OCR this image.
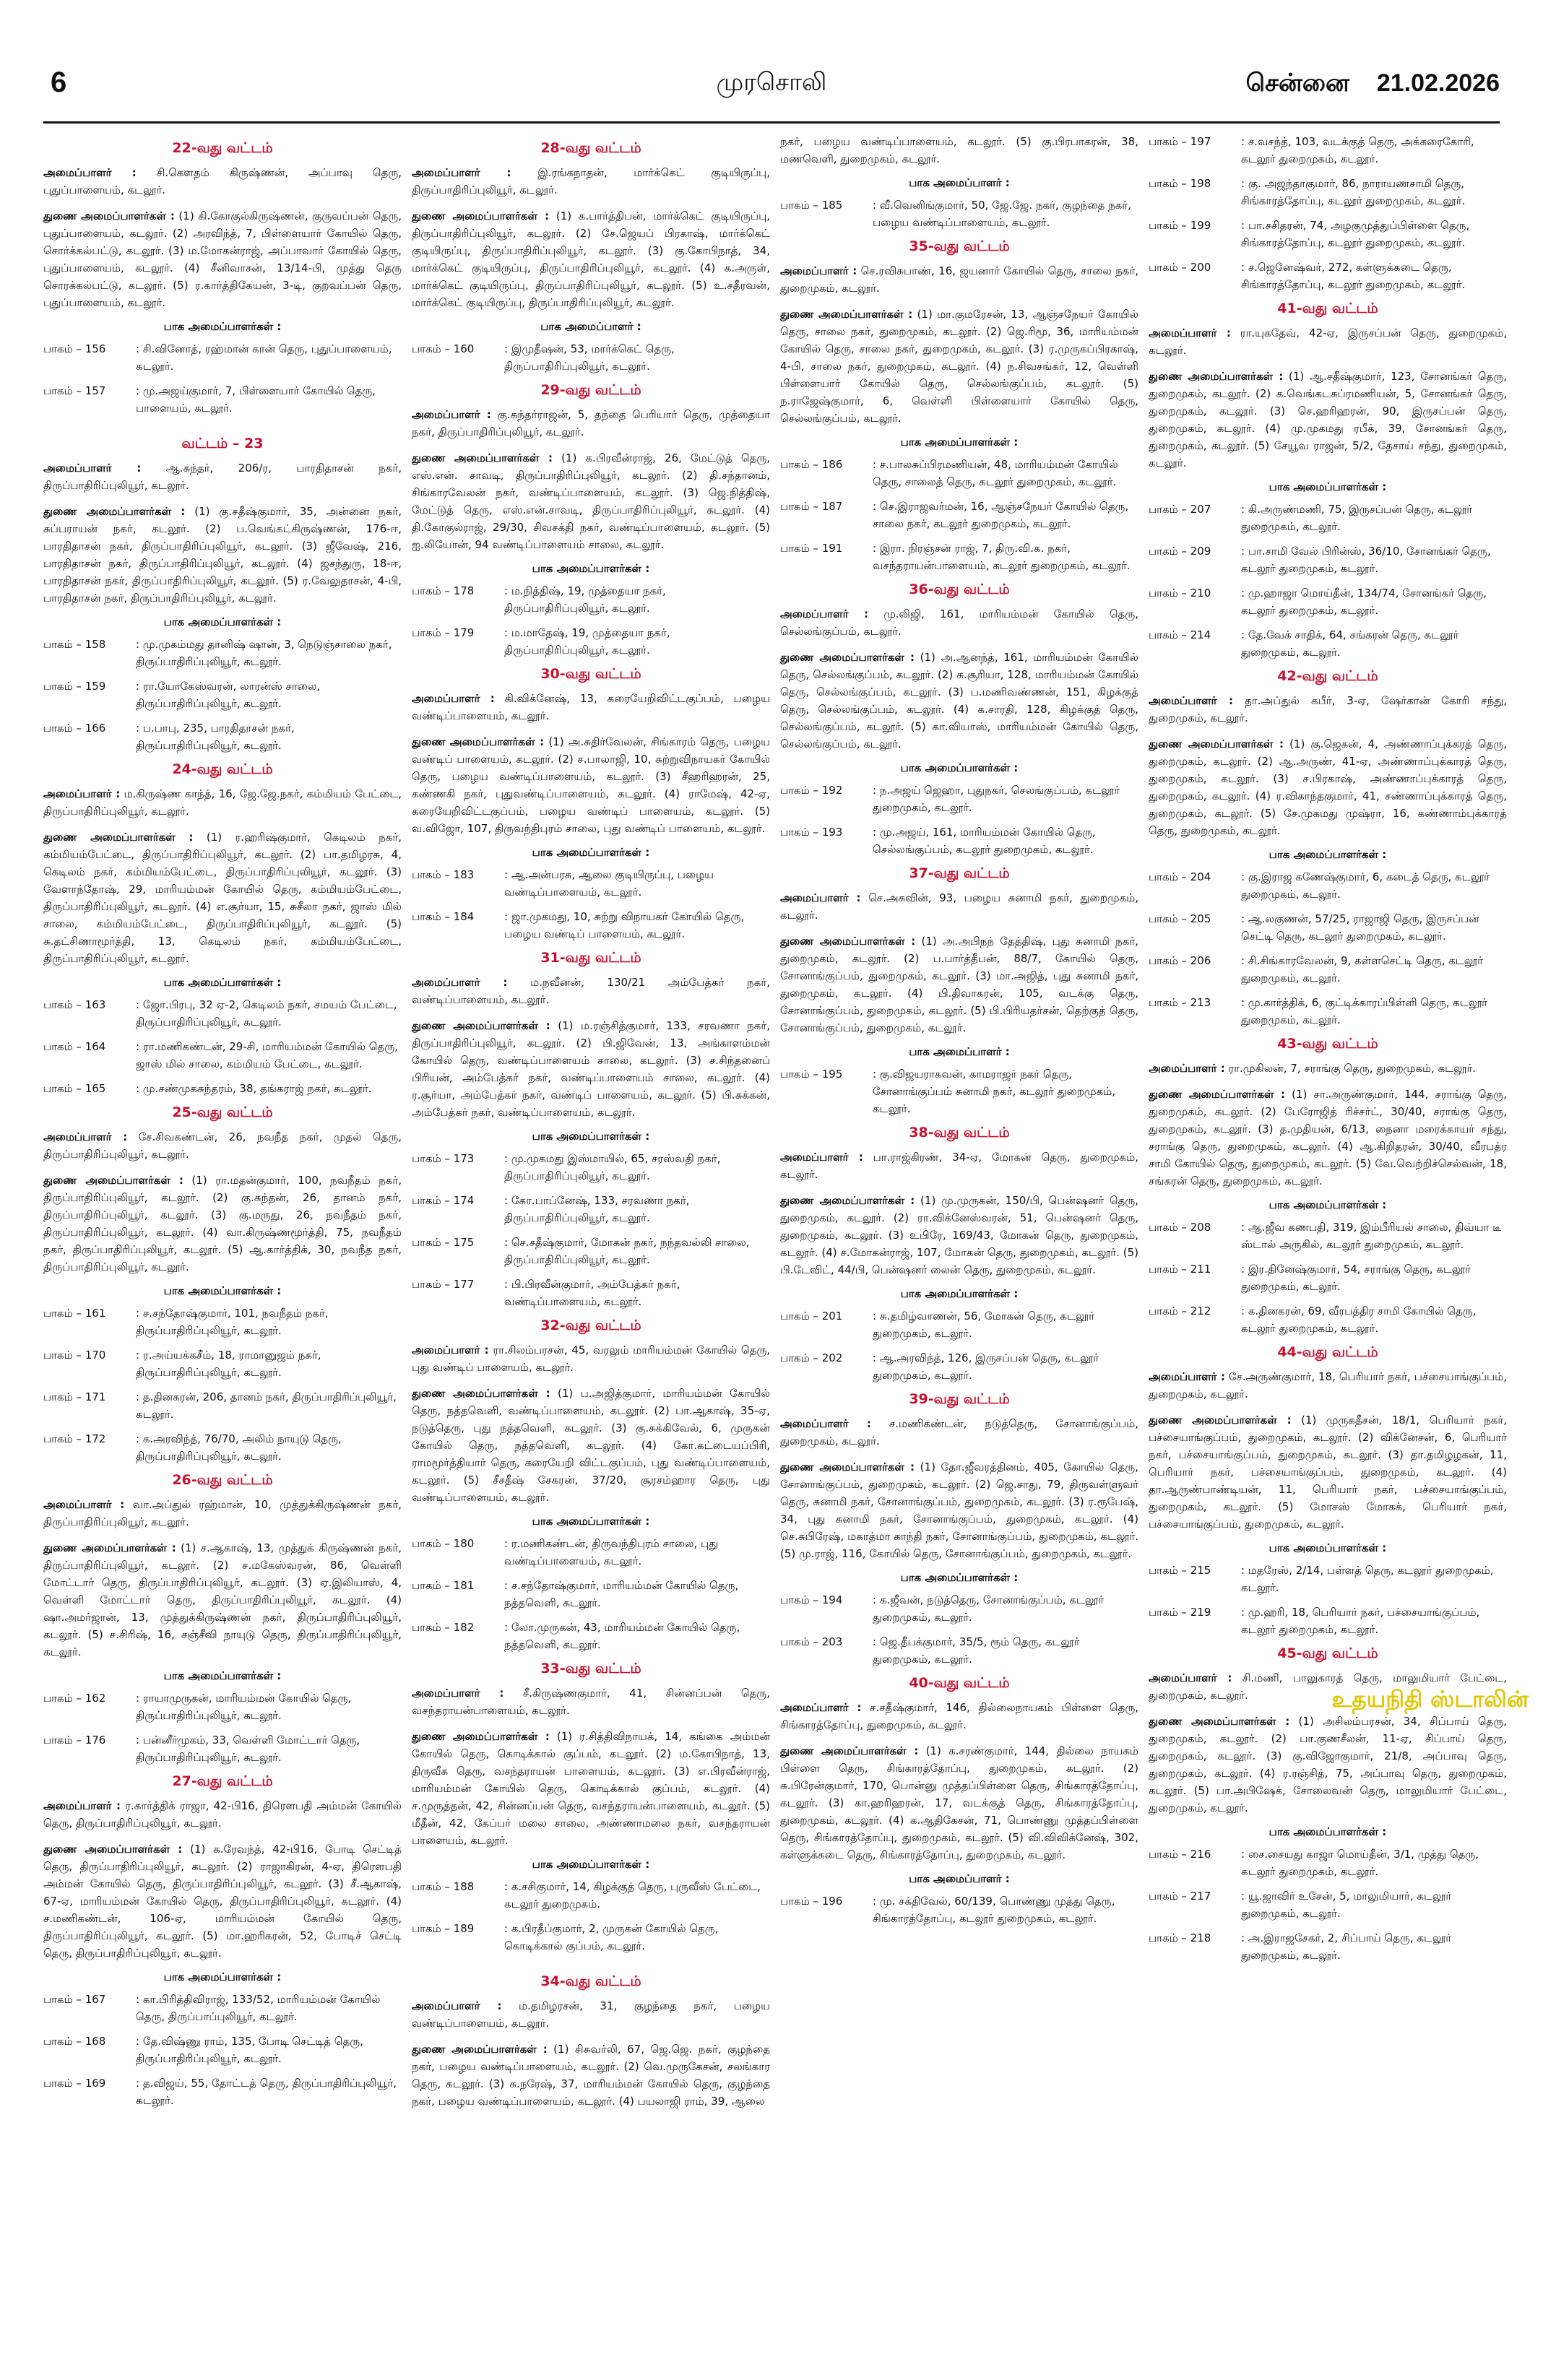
6	முரசொலி	சென்னை 21.02.2026
22-வது வட்டம்

அமைப்பாளர் : சி.கௌதம் கிருஷ்ணன், அப்பாவு தெரு, புதுப்பாளையம், கடலூர்.

துணை அமைப்பாளர்கள் : (1) கி.கோகுல்கிருஷ்ணன், குருவப்பன் தெரு, புதுப்பாளையம், கடலூர். (2) அரவிந்த், 7, பிள்ளையார் கோயில் தெரு, சொர்க்கல்பட்டு, கடலூர். (3) ம.மோகன்ராஜ், அப்பாவார் கோயில் தெரு, புதுப்பாளையம், கடலூர். (4) சீனிவாசன், 13/14-பி, முத்து தெரு சொரக்கல்பட்டு, கடலூர். (5) ர.கார்த்திகேயன், 3-டி, குறவப்பன் தெரு, புதுப்பாளையம், கடலூர்.

பாக அமைப்பாளர்கள் :
பாகம் – 156	: சி.வினோத், ரஹ்மான் கான் தெரு, புதுப்பாளையம், கடலூர்.
பாகம் – 157	: மு.அஜய்குமார், 7, பிள்ளையார் கோயில் தெரு, பாளையம், கடலூர்.
வட்டம் – 23

அமைப்பாளர் : ஆ.சுந்தர், 206/ர, பாரதிதாசன் நகர், திருப்பாதிரிப்புலியூர், கடலூர்.

துணை அமைப்பாளர்கள் : (1) கு.சதீஷ்குமார், 35, அன்னை நகர், சுப்பராயன் நகர், கடலூர். (2) ப.வெங்கட்கிருஷ்ணன், 176-ஈ, பாரதிதாசன் நகர், திருப்பாதிரிப்புலியூர், கடலூர். (3) ஜீவேஷ், 216, பாரதிதாசன் நகர், திருப்பாதிரிப்புலியூர், கடலூர். (4) ஜசந்துரு, 18-ஈ, பாரதிதாசன் நகர், திருப்பாதிரிப்புலியூர், கடலூர். (5) ர.வேலுதாசன், 4-பி, பாரதிதாசன் நகர், திருப்பாதிரிப்புலியூர், கடலூர்.

பாக அமைப்பாளர்கள் :
பாகம் – 158	: மு.முகம்மது தானிஷ் ஷான், 3, நெடுஞ்சாலை நகர், திருப்பாதிரிப்புலியூர், கடலூர்.
பாகம் – 159	: ரா.யோகேஸ்வரன், லாரன்ஸ் சாலை, திருப்பாதிரிப்புலியூர், கடலூர்.
பாகம் – 166	: ப.பாபு, 235, பாரதிதாசன் நகர், திருப்பாதிரிப்புலியூர், கடலூர்.
24-வது வட்டம்

அமைப்பாளர் : ம.கிருஷ்ண காந்த், 16, ஜே.ஜே.நகர், கம்மியம் பேட்டை, திருப்பாதிரிப்புலியூர், கடலூர்.

துணை அமைப்பாளர்கள் : (1) ர.ஹரிஷ்குமார், கெடிலம் நகர், கம்மியம்பேட்டை, திருப்பாதிரிப்புலியூர், கடலூர். (2) பா.தமிழரசு, 4, கெடிலம் நகர், கம்மியம்பேட்டை, திருப்பாதிரிப்புலியூர், கடலூர். (3) வேளாந்தோஷ், 29, மாரியம்மன் கோயில் தெரு, கம்மியம்பேட்டை, திருப்பாதிரிப்புலியூர், கடலூர். (4) எ.சூர்யா, 15, சுசீலா நகர், ஜாஸ் மில் சாலை, கம்மியம்பேட்டை, திருப்பாதிரிப்புலியூர், கடலூர். (5) சு.தட்சிணாமூர்த்தி, 13, கெடிலம் நகர், கம்மியம்பேட்டை, திருப்பாதிரிப்புலியூர், கடலூர்.

பாக அமைப்பாளர்கள் :
பாகம் – 163	: ஜோ.பிரபு, 32 ஏ-2, கெடிலம் நகர், சமயம் பேட்டை, திருப்பாதிரிப்புலியூர், கடலூர்.
பாகம் – 164	: ரா.மணிகண்டன், 29-சி, மாரியம்மன் கோயில் தெரு, ஜாஸ் மில் சாலை, கம்மியம் பேட்டை, கடலூர்.
பாகம் – 165	: மு.சண்முகசுந்தரம், 38, தங்கராஜ் நகர், கடலூர்.
25-வது வட்டம்

அமைப்பாளர் : சே.சிவகண்டன், 26, நவநீத நகர், முதல் தெரு, திருப்பாதிரிப்புலியூர், கடலூர்.

துணை அமைப்பாளர்கள் : (1) ரா.மதன்குமார், 100, நவநீதம் நகர், திருப்பாதிரிப்புலியூர், கடலூர். (2) கு.சுந்தன், 26, தானம் நகர், திருப்பாதிரிப்புலியூர், கடலூர். (3) கு.மருது, 26, நவநீதம் நகர், திருப்பாதிரிப்புலியூர், கடலூர். (4) வா.கிருஷ்ணமூர்த்தி, 75, நவநீதம் நகர், திருப்பாதிரிப்புலியூர், கடலூர். (5) ஆ.கார்த்திக், 30, நவநீத நகர், திருப்பாதிரிப்புலியூர், கடலூர்.

பாக அமைப்பாளர்கள் :
பாகம் – 161	: ச.சந்தோஷ்குமார், 101, நவநீதம் நகர், திருப்பாதிரிப்புலியூர், கடலூர்.
பாகம் – 170	: ர.அய்யக்கசீம், 18, ராமானுஜம் நகர், திருப்பாதிரிப்புலியூர், கடலூர்.
பாகம் – 171	: த.தினகரன், 206, தானம் நகர், திருப்பாதிரிப்புலியூர், கடலூர்.
பாகம் – 172	: க.அரவிந்த், 76/70, அலிம் நாயுடு தெரு, திருப்பாதிரிப்புலியூர், கடலூர்.
26-வது வட்டம்

அமைப்பாளர் : வா.அப்துல் ரஹ்மான், 10, முத்துக்கிருஷ்ணன் நகர், திருப்பாதிரிப்புலியூர், கடலூர்.

துணை அமைப்பாளர்கள் : (1) ச.ஆகாஷ், 13, முத்துக் கிருஷ்ணன் நகர், திருப்பாதிரிப்புலியூர், கடலூர். (2) ச.மகேஸ்வரன், 86, வெள்ளி மோட்டார் தெரு, திருப்பாதிரிப்புலியூர், கடலூர். (3) ஏ.இலியாஸ், 4, வெள்ளி மோட்டார் தெரு, திருப்பாதிரிப்புலியூர், கடலூர். (4) ஷா.அமர்ஜான், 13, முத்துக்கிருஷ்ணன் நகர், திருப்பாதிரிப்புலியூர், கடலூர். (5) ச.சிரிஷ், 16, சஞ்சீவி நாயுடு தெரு, திருப்பாதிரிப்புலியூர், கடலூர்.

பாக அமைப்பாளர்கள் :
பாகம் – 162	: ராயாமுருகன், மாரியம்மன் கோயில் தெரு, திருப்பாதிரிப்புலியூர், கடலூர்.
பாகம் – 176	: பன்னீர்முகம், 33, வெள்ளி மோட்டார் தெரு, திருப்பாதிரிப்புலியூர், கடலூர்.
27-வது வட்டம்

அமைப்பாளர் : ர.கார்த்திக் ராஜா, 42-பி16, திரௌபதி அம்மன் கோயில் தெரு, திருப்பாதிரிப்புலியூர், கடலூர்.

துணை அமைப்பாளர்கள் : (1) க.ரேவந்த், 42-பி16, போடி செட்டித் தெரு, திருப்பாதிரிப்புலியூர், கடலூர். (2) ராஜாகிரன், 4-ஏ, திரௌபதி அம்மன் கோயில் தெரு, திருப்பாதிரிப்புலியூர், கடலூர். (3) சீ.ஆகாஷ், 67-ஏ, மாரியம்மன் கோயில் தெரு, திருப்பாதிரிப்புலியூர், கடலூர். (4) ச.மணிகண்டன், 106-ஏ, மாரியம்மன் கோயில் தெரு, திருப்பாதிரிப்புலியூர், கடலூர். (5) மா.ஹரிகரன், 52, போடிச் செட்டி தெரு, திருப்பாதிரிப்புலியூர், கடலூர்.

பாக அமைப்பாளர்கள் :
பாகம் – 167	: கா.பிரித்திவிராஜ், 133/52, மாரியம்மன் கோயில் தெரு, திருப்பாப்புலியூர், கடலூர்.
பாகம் – 168	: தே.விஷ்ணு ராம், 135, போடி செட்டித் தெரு, திருப்பாதிரிப்புலியூர், கடலூர்.
பாகம் – 169	: த.விஜய், 55, தோட்டத் தெரு, திருப்பாதிரிப்புலியூர், கடலூர்.
28-வது வட்டம்

அமைப்பாளர் : இ.ரங்கநாதன், மார்க்கெட் குடியிருப்பு, திருப்பாதிரிப்புலியூர், கடலூர்.

துணை அமைப்பாளர்கள் : (1) க.பார்த்திபன், மார்க்கெட் குடியிருப்பு, திருப்பாதிரிப்புலியூர், கடலூர். (2) சே.ஜெயப் பிரகாஷ், மார்க்கெட் குடியிருப்பு, திருப்பாதிரிப்புலியூர், கடலூர். (3) கு.கோபிநாத், 34, மார்க்கெட் குடியிருப்பு, திருப்பாதிரிப்புலியூர், கடலூர். (4) க.அருள், மார்க்கெட் குடியிருப்பு, திருப்பாதிரிப்புலியூர், கடலூர். (5) உ.சதீரவன், மார்க்கெட் குடியிருப்பு, திருப்பாதிரிப்புலியூர், கடலூர்.

பாக அமைப்பாளர் :
பாகம் – 160	: இமுதீஷன், 53, மார்க்கெட் தெரு, திருப்பாதிரிப்புலியூர், கடலூர்.
29-வது வட்டம்

அமைப்பாளர் : கு.சுந்தர்ராஜன், 5, தந்தை பெரியார் தெரு, முத்தையா நகர், திருப்பாதிரிப்புலியூர், கடலூர்.

துணை அமைப்பாளர்கள் : (1) க.பிரவீன்ராஜ், 26, மேட்டுத் தெரு, எஸ்.என். சாவடி, திருப்பாதிரிப்புலியூர், கடலூர். (2) தி.சந்தானம், சிங்காரவேலன் நகர், வண்டிப்பாளையம், கடலூர். (3) ஜெ.நித்திஷ், மேட்டுத் தெரு, எஸ்.என்.சாவடி, திருப்பாதிரிப்புலியூர், கடலூர். (4) தி.கோகுல்ராஜ், 29/30, சிவசக்தி நகர், வண்டிப்பாளையம், கடலூர். (5) ஐ.லியோன், 94 வண்டிப்பாளையம் சாலை, கடலூர்.

பாக அமைப்பாளர்கள் :
பாகம் – 178	: ம.நித்திஷ், 19, முத்தையா நகர், திருப்பாதிரிப்புலியூர், கடலூர்.
பாகம் – 179	: ம.மாதேஷ், 19, முத்தையா நகர், திருப்பாதிரிப்புலியூர், கடலூர்.
30-வது வட்டம்

அமைப்பாளர் : கி.விக்னேஷ், 13, கரையேறிவிட்டகுப்பம், பழைய வண்டிப்பாளையம், கடலூர்.

துணை அமைப்பாளர்கள் : (1) அ.சுதிர்வேலன், சிங்காரம் தெரு, பழைய வண்டிப் பாளையம், கடலூர். (2) ச.பாலாஜி, 10, சுற்றுவிநாயகர் கோயில் தெரு, பழைய வண்டிப்பாளையம், கடலூர். (3) சீஹரிஹரன், 25, கண்ணகி நகர், புதுவண்டிப்பாளையம், கடலூர். (4) ராமேஷ், 42-ஏ, கரையேறிவிட்டகுப்பம், பழைய வண்டிப் பாளையம், கடலூர். (5) வ.விஜோ, 107, திருவந்திபுரம் சாலை, புது வண்டிப் பாளையம், கடலூர்.

பாக அமைப்பாளர்கள் :
பாகம் – 183	: ஆ.அன்பரசு, ஆலை குடியிருப்பு, பழைய வண்டிப்பாளையம், கடலூர்.
பாகம் – 184	: ஜா.முகமது, 10, சுற்று விநாயகர் கோயில் தெரு, பழைய வண்டிப் பாளையம், கடலூர்.
31-வது வட்டம்

அமைப்பாளர் : ம.நவீனன், 130/21 அம்பேத்கர் நகர், வண்டிப்பாளையம், கடலூர்.

துணை அமைப்பாளர்கள் : (1) ம.ரஞ்சித்குமார், 133, சரவணா நகர், திருப்பாதிரிப்புலியூர், கடலூர். (2) பி.ஜிவேன், 13, அங்காளம்மன் கோயில் தெரு, வண்டிப்பாளையம் சாலை, கடலூர். (3) ச.சிந்தனைப் பிரியன், அம்பேத்கர் நகர், வண்டிப்பாளையம் சாலை, கடலூர். (4) ர.சூர்யா, அம்பேத்கர் நகர், வண்டிப் பாளையம், கடலூர். (5) பி.சுக்கன், அம்பேத்கர் நகர், வண்டிப்பாளையம், கடலூர்.

பாக அமைப்பாளர்கள் :
பாகம் – 173	: மு.முகமது இஸ்மாயில், 65, சரஸ்வதி நகர், திருப்பாதிரிப்புலியூர், கடலூர்.
பாகம் – 174	: கோ.பாப்னேஷ், 133, சரவணா நகர், திருப்பாதிரிப்புலியூர், கடலூர்.
பாகம் – 175	: செ.சதீஷ்குமார், மோகன் நகர், நந்தவல்லி சாலை, திருப்பாதிரிப்புலியூர், கடலூர்.
பாகம் – 177	: பி.பிரவீன்குமார், அம்பேத்கர் நகர், வண்டிப்பாளையம், கடலூர்.
32-வது வட்டம்

அமைப்பாளர் : ரா.சிலம்பரசன், 45, வரலும் மாரியம்மன் கோயில் தெரு, புது வண்டிப் பாளையம், கடலூர்.

துணை அமைப்பாளர்கள் : (1) ப.அஜித்குமார், மாரியம்மன் கோயில் தெரு, நத்தவெளி, வண்டிப்பாளையம், கடலூர். (2) பா.ஆகாஷ், 35-ஏ, நடுத்தெரு, புது நத்தவெளி, கடலூர். (3) கு.சுக்கிவேல், 6, முருகன் கோயில் தெரு, நத்தவெளி, கடலூர். (4) கோ.கட்டையப்பிரி, ராமமூர்த்தியார் தெரு, கரையேறி விட்டகுப்பம், புது வண்டிப்பாளையம், கடலூர். (5) சீசதீஷ் சேகரன், 37/20, சூரசம்ஹார தெரு, புது வண்டிப்பாளையம், கடலூர்.

பாக அமைப்பாளர்கள் :
பாகம் – 180	: ர.மணிகண்டன், திருவந்திபுரம் சாலை, புது வண்டிப்பாளையம், கடலூர்.
பாகம் – 181	: ச.சந்தோஷ்குமார், மாரியம்மன் கோயில் தெரு, நத்தவெளி, கடலூர்.
பாகம் – 182	: லோ.முருகன், 43, மாரியம்மன் கோயில் தெரு, நத்தவெளி, கடலூர்.
33-வது வட்டம்

அமைப்பாளர் : சீ.கிருஷ்ணகுமார், 41, சின்னப்பன் தெரு, வசந்தராயன்பாளையம், கடலூர்.

துணை அமைப்பாளர்கள் : (1) ர.சித்திவிநாயக், 14, கங்கை அம்மன் கோயில் தெரு, கொடிக்கால் குப்பம், கடலூர். (2) ம.கோபிநாத், 13, திருவீக தெரு, வசந்தராயன் பாளையம், கடலூர். (3) எ.பிரவீன்ராஜ், மாரியம்மன் கோயில் தெரு, கொடிக்கால் குப்பம், கடலூர். (4) ச.முருத்தன், 42, சின்னப்பன் தெரு, வசந்தராயன்பாளையம், கடலூர். (5) மீதீன், 42, கேப்பர் மலை சாலை, அண்ணாமலை நகர், வசந்தராயன் பாளையம், கடலூர்.

பாக அமைப்பாளர்கள் :
பாகம் – 188	: க.சசிகுமார், 14, கிழக்குத் தெரு, புருவீஸ் பேட்டை, கடலூர் துறைமுகம்.
பாகம் – 189	: க.பிரதீப்குமார், 2, முருகன் கோயில் தெரு, கொடிக்கால் குப்பம், கடலூர்.
34-வது வட்டம்

அமைப்பாளர் : ம.தமிழரசன், 31, குழந்தை நகர், பழைய வண்டிப்பாளையம், கடலூர்.

துணை அமைப்பாளர்கள் : (1) சிசுவர்லி, 67, ஜெ.ஜெ. நகர், குழந்தை நகர், பழைய வண்டிப்பாளையம், கடலூர். (2) வெ.முருகேசன், சலங்கார தெரு, கடலூர். (3) சு.நரேஷ், 37, மாரியம்மன் கோயில் தெரு, குழந்தை நகர், பழைய வண்டிப்பாளையம், கடலூர். (4) பயலாஜி ராம், 39, ஆலை

நகர், பழைய வண்டிப்பாளையம், கடலூர். (5) கு.பிரபாகரன், 38, மணவெளி, துறைமுகம், கடலூர்.

பாக அமைப்பாளர் :
பாகம் – 185	: வீ.வெனிங்குமார், 50, ஜே.ஜே. நகர், குழந்தை நகர், பழைய வண்டிப்பாளையம், கடலூர்.
35-வது வட்டம்

அமைப்பாளர் : செ.ரவிசுபாண், 16, ஜயனார் கோயில் தெரு, சாலை நகர், துறைமுகம், கடலூர்.

துணை அமைப்பாளர்கள் : (1) மா.குமரேசன், 13, ஆஞ்சநேயர் கோயில் தெரு, சாலை நகர், துறைமுகம், கடலூர். (2) ஜெ.ரிமூ, 36, மாரியம்மன் கோயில் தெரு, சாலை நகர், துறைமுகம், கடலூர். (3) ர.முருகப்பிரகாஷ், 4-பி, சாலை நகர், துறைமுகம், கடலூர். (4) ந.சிவசங்கர், 12, வெள்ளி பிள்ளையார் கோயில் தெரு, செல்லங்குப்பம், கடலூர். (5) ந.ராஜேஷ்குமார், 6, வெள்ளி பிள்ளையார் கோயில் தெரு, செல்லங்குப்பம், கடலூர்.

பாக அமைப்பாளர்கள் :
பாகம் – 186	: ச.பாலசுப்பிரமணியன், 48, மாரியம்மன் கோயில் தெரு, சாலைத் தெரு, கடலூர் துறைமுகம், கடலூர்.
பாகம் – 187	: செ.இராஜவர்மன், 16, ஆஞ்சநேயர் கோயில் தெரு, சாலை நகர், கடலூர் துறைமுகம், கடலூர்.
பாகம் – 191	: இரா. நிரஞ்சன் ராஜ், 7, திரு.வி.க. நகர், வசந்தராயன்பாளையம், கடலூர் துறைமுகம், கடலூர்.
36-வது வட்டம்

அமைப்பாளர் : மு.லிஜி, 161, மாரியம்மன் கோயில் தெரு, செல்லங்குப்பம், கடலூர்.

துணை அமைப்பாளர்கள் : (1) அ.ஆனந்த், 161, மாரியம்மன் கோயில் தெரு, செல்லங்குப்பம், கடலூர். (2) சு.சூரியா, 128, மாரியம்மன் கோயில் தெரு, செல்லங்குப்பம், கடலூர். (3) ப.மணிவண்ணன், 151, கிழக்குத் தெரு, செல்லங்குப்பம், கடலூர். (4) க.சாரதி, 128, கிழக்குத் தெரு, செல்லங்குப்பம், கடலூர். (5) கா.வியாஸ், மாரியம்மன் கோயில் தெரு, செல்லங்குப்பம், கடலூர்.

பாக அமைப்பாளர்கள் :
பாகம் – 192	: ந.அஜய் ஜெஹா, புதுநகர், செலங்குப்பம், கடலூர் துறைமுகம், கடலூர்.
பாகம் – 193	: மு.அஜய், 161, மாரியம்மன் கோயில் தெரு, செல்லங்குப்பம், கடலூர் துறைமுகம், கடலூர்.
37-வது வட்டம்

அமைப்பாளர் : செ.அசுவின், 93, பழைய சுனாமி நகர், துறைமுகம், கடலூர்.

துணை அமைப்பாளர்கள் : (1) அ.அபிநந் தேத்திஷ், புது சுனாமி நகர், துறைமுகம், கடலூர். (2) ப.பார்த்தீபன், 88/7, கோயில் தெரு, சோனாங்குப்பம், துறைமுகம், கடலூர். (3) மா.அஜித், புது சுனாமி நகர், துறைமுகம், கடலூர். (4) பி.திவாகரன், 105, வடக்கு தெரு, சோனாங்குப்பம், துறைமுகம், கடலூர். (5) பி.பிரியதர்சன், தெற்குத் தெரு, சோனாங்குப்பம், துறைமுகம், கடலூர்.

பாக அமைப்பாளர் :
பாகம் – 195	: கு.விஜயராகவன், காமராஜர் நகர் தெரு, சோனாங்குப்பம் சுனாமி நகர், கடலூர் துறைமுகம், கடலூர்.
38-வது வட்டம்

அமைப்பாளர் : பா.ராஜ்கிரண், 34-ஏ, மோகன் தெரு, துறைமுகம், கடலூர்.

துணை அமைப்பாளர்கள் : (1) மு.முருகன், 150/பி, பென்ஷனர் தெரு, துறைமுகம், கடலூர். (2) ரா.விக்னேஸ்வரன், 51, பென்ஷனர் தெரு, துறைமுகம், கடலூர். (3) உபிரே, 169/43, மோகன் தெரு, துறைமுகம், கடலூர். (4) ச.மோகன்ராஜ், 107, மோகன் தெரு, துறைமுகம், கடலூர். (5) பி.டேவிட், 44/பி, பென்ஷனர் லைன் தெரு, துறைமுகம், கடலூர்.

பாக அமைப்பாளர்கள் :
பாகம் – 201	: சு.தமிழ்வாணன், 56, மோகன் தெரு, கடலூர் துறைமுகம், கடலூர்.
பாகம் – 202	: ஆ.அரவிந்த், 126, இருசப்பன் தெரு, கடலூர் துறைமுகம், கடலூர்.
39-வது வட்டம்

அமைப்பாளர் : ச.மணிகண்டன், நடுத்தெரு, சோனாங்குப்பம், துறைமுகம், கடலூர்.

துணை அமைப்பாளர்கள் : (1) தோ.ஜீவரத்தினம், 405, கோயில் தெரு, சோனாங்குப்பம், துறைமுகம், கடலூர். (2) ஜெ.சாது, 79, திருவள்ளுவர் தெரு, சுனாமி நகர், சோனாங்குப்பம், துறைமுகம், கடலூர். (3) ர.ரூபேஷ், 34, புது சுனாமி நகர், சோனாங்குப்பம், துறைமுகம், கடலூர். (4) செ.சுபிரேஷ், மகாத்மா காந்தி நகர், சோனாங்குப்பம், துறைமுகம், கடலூர். (5) மு.ராஜ், 116, கோயில் தெரு, சோனாங்குப்பம், துறைமுகம், கடலூர்.

பாக அமைப்பாளர்கள் :
பாகம் – 194	: க.ஜீவன், நடுத்தெரு, சோனாங்குப்பம், கடலூர் துறைமுகம், கடலூர்.
பாகம் – 203	: ஜெ.தீபக்குமார், 35/5, ரூம் தெரு, கடலூர் துறைமுகம், கடலூர்.
40-வது வட்டம்

அமைப்பாளர் : ச.சதீஷ்குமார், 146, தில்லைநாயகம் பிள்ளை தெரு, சிங்காரத்தோப்பு, துறைமுகம், கடலூர்.

துணை அமைப்பாளர்கள் : (1) க.சரண்குமார், 144, தில்லை நாயகம் பிள்ளை தெரு, சிங்காரத்தோப்பு, துறைமுகம், கடலூர். (2) சு.பிரேன்குமார், 170, பொன்னு முத்தப்பிள்ளை தெரு, சிங்காரத்தோப்பு, கடலூர். (3) கா.ஹரிஹரன், 17, வடக்குத் தெரு, சிங்காரத்தோப்பு, துறைமுகம், கடலூர். (4) க.ஆதிகேசன், 71, பொண்ணு முத்தப்பிள்ளை தெரு, சிங்காரத்தோப்பு, துறைமுகம், கடலூர். (5) வி.விவிக்னேஷ், 302, கள்ளுக்கடை தெரு, சிங்காரத்தோப்பு, துறைமுகம், கடலூர்.

பாக அமைப்பாளர் :
பாகம் – 196	: மு. சக்திவேல், 60/139, பொண்ணு முத்து தெரு, சிங்காரத்தோப்பு, கடலூர் துறைமுகம், கடலூர்.
பாகம் – 197	: ச.வசந்த், 103, வடக்குத் தெரு, அக்கரைகோரி, கடலூர் துறைமுகம், கடலூர்.
பாகம் – 198	: கு. அஜந்தாகுமார், 86, நாராயணசாமி தெரு, சிங்காரத்தோப்பு, கடலூர் துறைமுகம், கடலூர்.
பாகம் – 199	: பா.சசிதரன், 74, அழகுமுத்துப்பிள்ளை தெரு, சிங்காரத்தோப்பு, கடலூர் துறைமுகம், கடலூர்.
பாகம் – 200	: ச.ஜெனேஷ்வர், 272, கள்ளுக்கடை தெரு, சிங்காரத்தோப்பு, கடலூர் துறைமுகம், கடலூர்.
41-வது வட்டம்

அமைப்பாளர் : ரா.யுகதேவ், 42-ஏ, இருசப்பன் தெரு, துறைமுகம், கடலூர்.

துணை அமைப்பாளர்கள் : (1) ஆ.சதீஷ்குமார், 123, சோனங்கர் தெரு, துறைமுகம், கடலூர். (2) க.வெங்கடசுப்ரமணியன், 5, சோனங்கர் தெரு, துறைமுகம், கடலூர். (3) செ.ஹரிஹரன், 90, இருசப்பன் தெரு, துறைமுகம், கடலூர். (4) மு.முகமது ரபீக், 39, சோனங்கர் தெரு, துறைமுகம், கடலூர். (5) சேயூவ ராஜன், 5/2, தேசாய் சந்து, துறைமுகம், கடலூர்.

பாக அமைப்பாளர்கள் :
பாகம் – 207	: கி.அருண்மணி, 75, இருசப்பன் தெரு, கடலூர் துறைமுகம், கடலூர்.
பாகம் – 209	: பா.சாமி வேல் பிரின்ஸ், 36/10, சோனங்கர் தெரு, கடலூர் துறைமுகம், கடலூர்.
பாகம் – 210	: மு.ஹாஜா மொய்தீன், 134/74, சோனங்கர் தெரு, கடலூர் துறைமுகம், கடலூர்.
பாகம் – 214	: தே.வேக் சாதிக், 64, சங்கரன் தெரு, கடலூர் துறைமுகம், கடலூர்.
42-வது வட்டம்

அமைப்பாளர் : தா.அப்துல் கபீர், 3-ஏ, ஷேர்கான் கோரி சந்து, துறைமுகம், கடலூர்.

துணை அமைப்பாளர்கள் : (1) கு.ஜெகன், 4, அண்ணாப்புக்கரத் தெரு, துறைமுகம், கடலூர். (2) ஆ.அருண், 41-ஏ, அண்ணாப்புக்காரத் தெரு, துறைமுகம், கடலூர். (3) ச.பிரகாஷ், அண்ணாப்புக்காரத் தெரு, துறைமுகம், கடலூர். (4) ர.விகாந்தகுமார், 41, சண்ணாப்புக்காரத் தெரு, துறைமுகம், கடலூர். (5) சே.முகமது முஷ்ரா, 16, கண்ணாம்புக்காரத் தெரு, துறைமுகம், கடலூர்.

பாக அமைப்பாளர்கள் :
பாகம் – 204	: கு.இராஜ கணேஷ்குமார், 6, கடைத் தெரு, கடலூர் துறைமுகம், கடலூர்.
பாகம் – 205	: ஆ.லகுணன், 57/25, ராஜாஜி தெரு, இருசப்பன் செட்டி தெரு, கடலூர் துறைமுகம், கடலூர்.
பாகம் – 206	: சி.சிங்காரவேலன், 9, கள்ளசெட்டி தெரு, கடலூர் துறைமுகம், கடலூர்.
பாகம் – 213	: மு.கார்த்திக், 6, குட்டிக்காரப்பிள்ளி தெரு, கடலூர் துறைமுகம், கடலூர்.
43-வது வட்டம்

அமைப்பாளர் : ரா.முகிலன், 7, சராங்கு தெரு, துறைமுகம், கடலூர்.

துணை அமைப்பாளர்கள் : (1) சா.அருண்குமார், 144, சராங்கு தெரு, துறைமுகம், கடலூர். (2) பேரோஜித் ரிச்சர்ட், 30/40, சராங்கு தெரு, துறைமுகம், கடலூர். (3) த.முதியன், 6/13, நைனா மரைக்காயர் சந்து, சராங்கு தெரு, துறைமுகம், கடலூர். (4) ஆ.கிறிதரன், 30/40, வீரபத்ர சாமி கோயில் தெரு, துறைமுகம், கடலூர். (5) வே.வெற்றிச்செல்வன், 18, சங்கரன் தெரு, துறைமுகம், கடலூர்.

பாக அமைப்பாளர்கள் :
பாகம் – 208	: ஆ.ஜீவ கணபதி, 319, இம்பீரியல் சாலை, திவ்யா டீ ஸ்டால் அருகில், கடலூர் துறைமுகம், கடலூர்.
பாகம் – 211	: இர.தினேஷ்குமார், 54, சராங்கு தெரு, கடலூர் துறைமுகம், கடலூர்.
பாகம் – 212	: க.தினகரன், 69, வீரபத்திர சாமி கோயில் தெரு, கடலூர் துறைமுகம், கடலூர்.
44-வது வட்டம்

அமைப்பாளர் : சே.அருண்குமார், 18, பெரியார் நகர், பச்சையாங்குப்பம், துறைமுகம், கடலூர்.

துணை அமைப்பாளர்கள் : (1) முருகதீசன், 18/1, பெரியார் நகர், பச்சையாங்குப்பம், துறைமுகம், கடலூர். (2) விக்னேசன், 6, பெரியார் நகர், பச்சையாங்குப்பம், துறைமுகம், கடலூர். (3) தா.தமிழழகன், 11, பெரியார் நகர், பச்சையாங்குப்பம், துறைமுகம், கடலூர். (4) தா.ஆருண்பாண்டியன், 11, பெரியார் நகர், பச்சையாங்குப்பம், துறைமுகம், கடலூர். (5) மோசஸ் மோகக், பெரியார் நகர், பச்சையாங்குப்பம், துறைமுகம், கடலூர்.

பாக அமைப்பாளர்கள் :
பாகம் – 215	: மதரேஸ், 2/14, பள்ளத் தெரு, கடலூர் துறைமுகம், கடலூர்.
பாகம் – 219	: மு.ஹரி, 18, பெரியார் நகர், பச்சையாங்குப்பம், கடலூர் துறைமுகம், கடலூர்.
45-வது வட்டம்

அமைப்பாளர் : சி.மணி, பாலுகாரத் தெரு, மாலுமியார் பேட்டை, துறைமுகம், கடலூர்.

துணை அமைப்பாளர்கள் : (1) அசிலம்பரசன், 34, சிப்பாய் தெரு, துறைமுகம், கடலூர். (2) பா.குணசீலன், 11-ஏ, சிப்பாய் தெரு, துறைமுகம், கடலூர். (3) கு.விஜோகுமார், 21/8, அப்பாவு தெரு, துறைமுகம், கடலூர். (4) ர.ரஞ்சித், 75, அப்பாவு தெரு, துறைமுகம், கடலூர். (5) பா.அபிஷேக், சோலைவன் தெரு, மாலுமியார் பேட்டை, துறைமுகம், கடலூர்.

பாக அமைப்பாளர்கள் :
பாகம் – 216	: சை.சையது காஜா மொய்தீன், 3/1, முத்து தெரு, கடலூர் துறைமுகம், கடலூர்.
பாகம் – 217	: யூ.ஜாவிர் உசேன், 5, மாலுமியார், கடலூர் துறைமுகம், கடலூர்.
பாகம் – 218	: அ.இராஜசேகர், 2, சிப்பாய் தெரு, கடலூர் துறைமுகம், கடலூர்.
உதயநிதி ஸ்டாலின்
